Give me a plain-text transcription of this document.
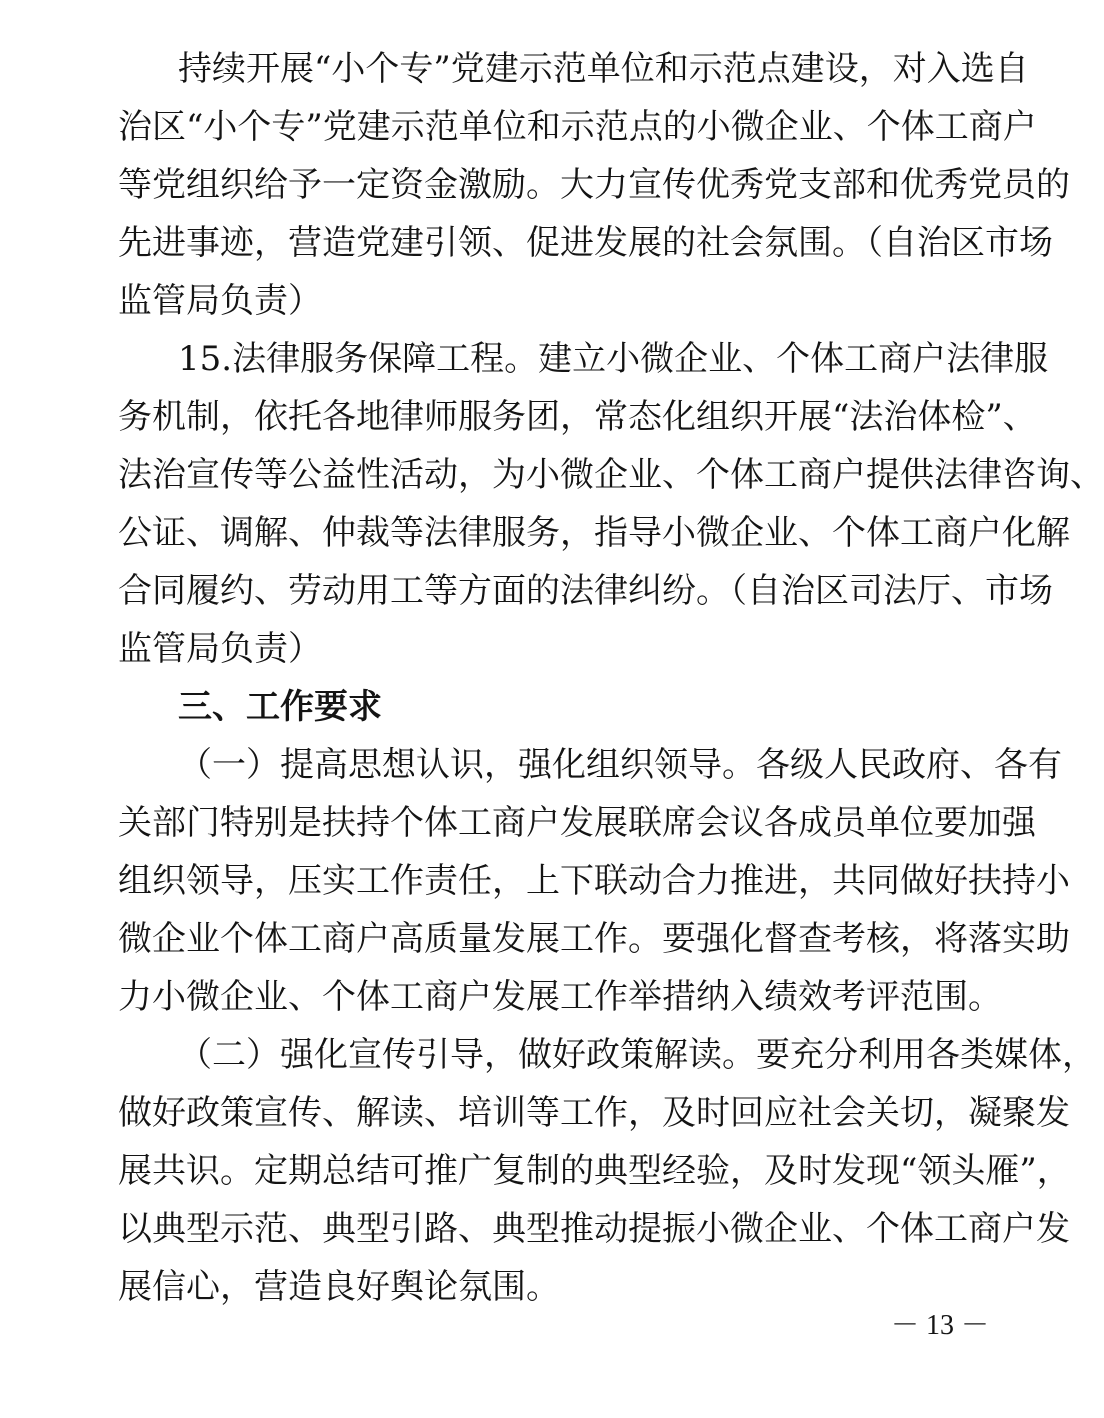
持续开展“小个专”党建示范单位和示范点建设，对入选自
治区“小个专”党建示范单位和示范点的小微企业、个体工商户
等党组织给予一定资金激励。大力宣传优秀党支部和优秀党员的
先进事迹，营造党建引领、促进发展的社会氛围。（自治区市场
监管局负责）
15.法律服务保障工程。建立小微企业、个体工商户法律服
务机制，依托各地律师服务团，常态化组织开展“法治体检”、
法治宣传等公益性活动，为小微企业、个体工商户提供法律咨询、
公证、调解、仲裁等法律服务，指导小微企业、个体工商户化解
合同履约、劳动用工等方面的法律纠纷。（自治区司法厅、市场
监管局负责）
三、工作要求
（一）提高思想认识，强化组织领导。各级人民政府、各有
关部门特别是扶持个体工商户发展联席会议各成员单位要加强
组织领导，压实工作责任，上下联动合力推进，共同做好扶持小
微企业个体工商户高质量发展工作。要强化督查考核，将落实助
力小微企业、个体工商户发展工作举措纳入绩效考评范围。
（二）强化宣传引导，做好政策解读。要充分利用各类媒体，
做好政策宣传、解读、培训等工作，及时回应社会关切，凝聚发
展共识。定期总结可推广复制的典型经验，及时发现“领头雁”，
以典型示范、典型引路、典型推动提振小微企业、个体工商户发
展信心，营造良好舆论氛围。
－ 13 －
